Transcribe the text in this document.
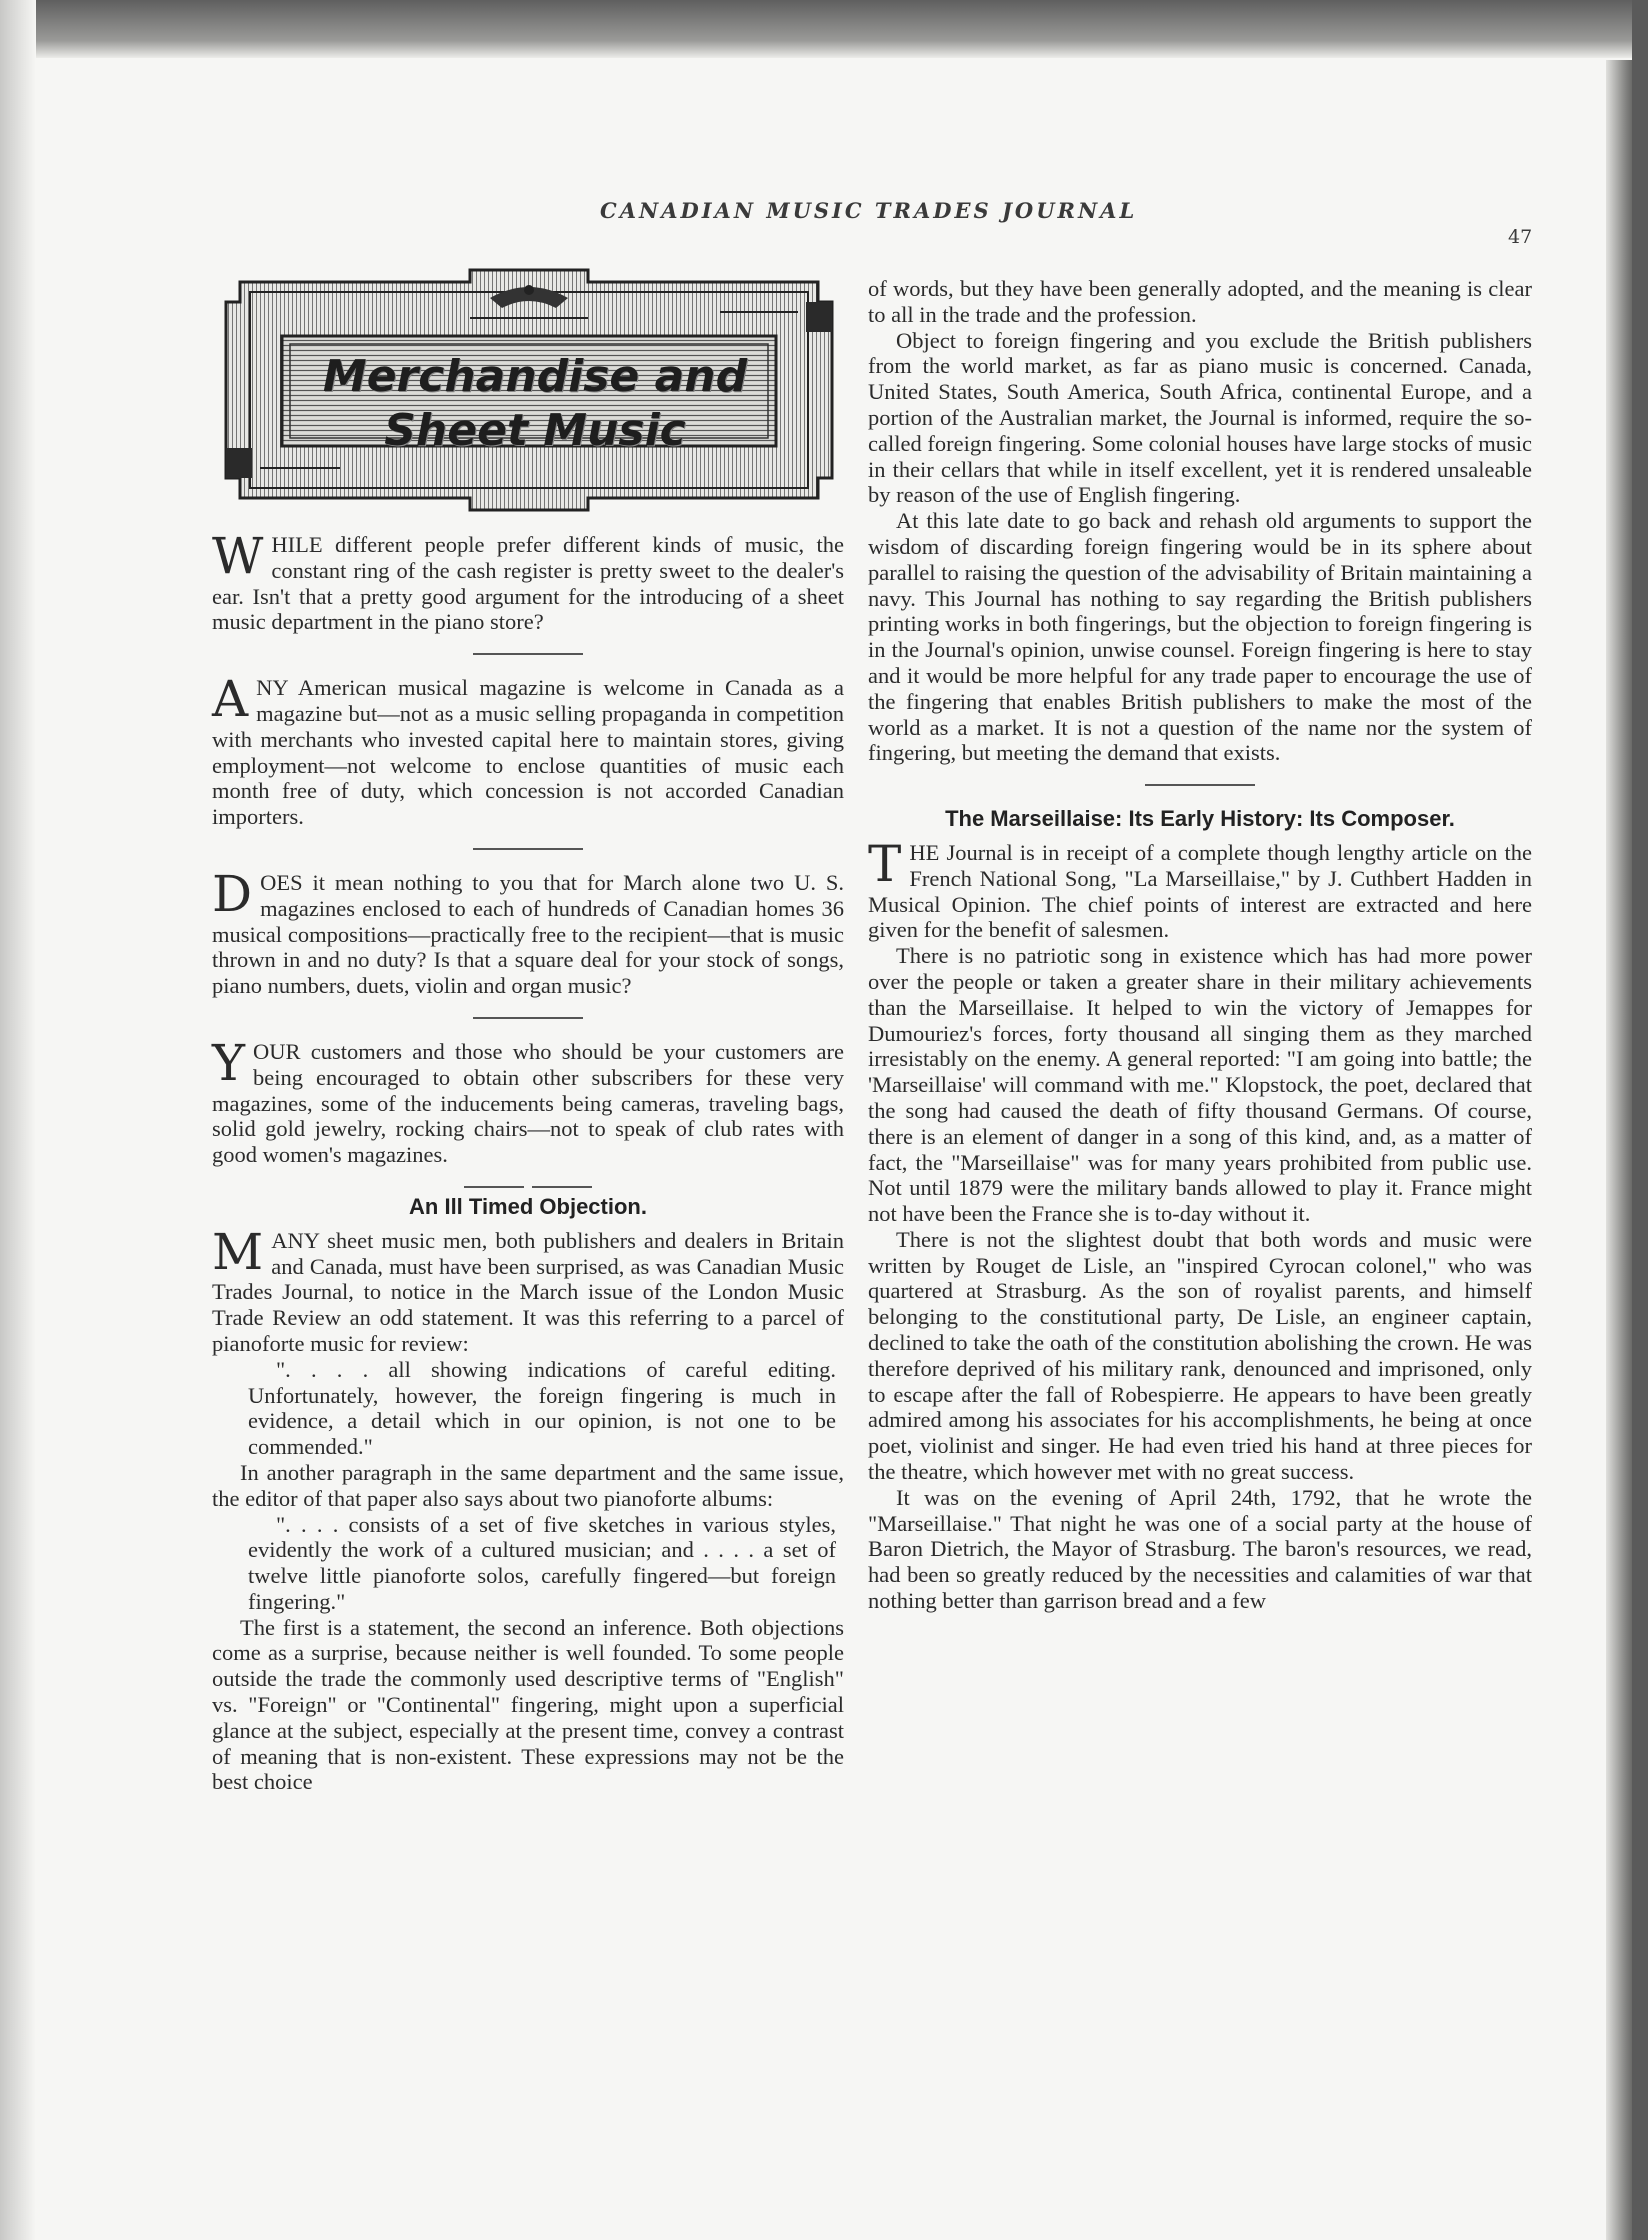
CANADIAN MUSIC TRADES JOURNAL
47
Merchandise and
Sheet Music

WHILE different people prefer different kinds of music, the constant ring of the cash register is pretty sweet to the dealer's ear. Isn't that a pretty good argument for the introducing of a sheet music department in the piano store?

ANY American musical magazine is welcome in Canada as a magazine but—not as a music selling propaganda in competition with merchants who invested capital here to maintain stores, giving employment—not welcome to enclose quantities of music each month free of duty, which concession is not accorded Canadian importers.

DOES it mean nothing to you that for March alone two U. S. magazines enclosed to each of hundreds of Canadian homes 36 musical compositions—practically free to the recipient—that is music thrown in and no duty? Is that a square deal for your stock of songs, piano numbers, duets, violin and organ music?

YOUR customers and those who should be your customers are being encouraged to obtain other subscribers for these very magazines, some of the inducements being cameras, traveling bags, solid gold jewelry, rocking chairs—not to speak of club rates with good women's magazines.

An Ill Timed Objection.

MANY sheet music men, both publishers and dealers in Britain and Canada, must have been surprised, as was Canadian Music Trades Journal, to notice in the March issue of the London Music Trade Review an odd statement. It was this referring to a parcel of pianoforte music for review:

". . . . all showing indications of careful editing. Unfortunately, however, the foreign fingering is much in evidence, a detail which in our opinion, is not one to be commended."

In another paragraph in the same department and the same issue, the editor of that paper also says about two pianoforte albums:

". . . . consists of a set of five sketches in various styles, evidently the work of a cultured musician; and . . . . a set of twelve little pianoforte solos, carefully fingered—but foreign fingering."

The first is a statement, the second an inference. Both objections come as a surprise, because neither is well founded. To some people outside the trade the commonly used descriptive terms of "English" vs. "Foreign" or "Continental" fingering, might upon a superficial glance at the subject, especially at the present time, convey a contrast of meaning that is non-existent. These expressions may not be the best choice

of words, but they have been generally adopted, and the meaning is clear to all in the trade and the profession.

Object to foreign fingering and you exclude the British publishers from the world market, as far as piano music is concerned. Canada, United States, South America, South Africa, continental Europe, and a portion of the Australian market, the Journal is informed, require the so-called foreign fingering. Some colonial houses have large stocks of music in their cellars that while in itself excellent, yet it is rendered unsaleable by reason of the use of English fingering.

At this late date to go back and rehash old arguments to support the wisdom of discarding foreign fingering would be in its sphere about parallel to raising the question of the advisability of Britain maintaining a navy. This Journal has nothing to say regarding the British publishers printing works in both fingerings, but the objection to foreign fingering is in the Journal's opinion, unwise counsel. Foreign fingering is here to stay and it would be more helpful for any trade paper to encourage the use of the fingering that enables British publishers to make the most of the world as a market. It is not a question of the name nor the system of fingering, but meeting the demand that exists.

The Marseillaise: Its Early History: Its Composer.

THE Journal is in receipt of a complete though lengthy article on the French National Song, "La Marseillaise," by J. Cuthbert Hadden in Musical Opinion. The chief points of interest are extracted and here given for the benefit of salesmen.

There is no patriotic song in existence which has had more power over the people or taken a greater share in their military achievements than the Marseillaise. It helped to win the victory of Jemappes for Dumouriez's forces, forty thousand all singing them as they marched irresistably on the enemy. A general reported: "I am going into battle; the 'Marseillaise' will command with me." Klopstock, the poet, declared that the song had caused the death of fifty thousand Germans. Of course, there is an element of danger in a song of this kind, and, as a matter of fact, the "Marseillaise" was for many years prohibited from public use. Not until 1879 were the military bands allowed to play it. France might not have been the France she is to-day without it.

There is not the slightest doubt that both words and music were written by Rouget de Lisle, an "inspired Cyrocan colonel," who was quartered at Strasburg. As the son of royalist parents, and himself belonging to the constitutional party, De Lisle, an engineer captain, declined to take the oath of the constitution abolishing the crown. He was therefore deprived of his military rank, denounced and imprisoned, only to escape after the fall of Robespierre. He appears to have been greatly admired among his associates for his accomplishments, he being at once poet, violinist and singer. He had even tried his hand at three pieces for the theatre, which however met with no great success.

It was on the evening of April 24th, 1792, that he wrote the "Marseillaise." That night he was one of a social party at the house of Baron Dietrich, the Mayor of Strasburg. The baron's resources, we read, had been so greatly reduced by the necessities and calamities of war that nothing better than garrison bread and a few
